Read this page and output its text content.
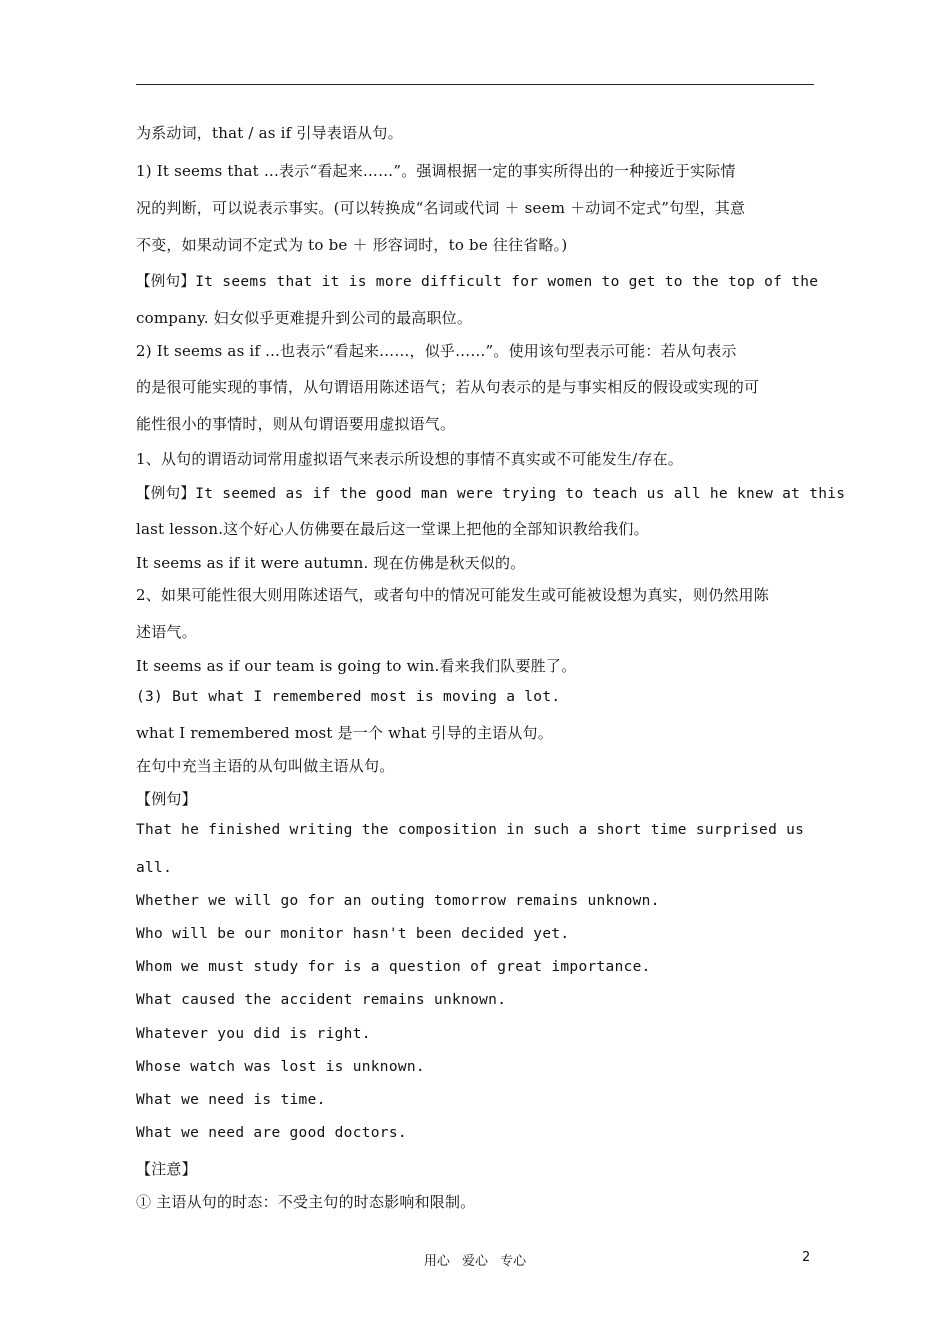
为系动词，that / as if 引导表语从句。
1) It seems that …表示“看起来……”。强调根据一定的事实所得出的一种接近于实际情
况的判断，可以说表示事实。(可以转换成“名词或代词 ＋ seem ＋动词不定式”句型，其意
不变，如果动词不定式为 to be ＋ 形容词时，to be 往往省略。)
【例句】It seems that it is more difficult for women to get to the top of the
company. 妇女似乎更难提升到公司的最高职位。
2) It seems as if ...也表示“看起来……，似乎……”。使用该句型表示可能：若从句表示
的是很可能实现的事情，从句谓语用陈述语气；若从句表示的是与事实相反的假设或实现的可
能性很小的事情时，则从句谓语要用虚拟语气。
1、从句的谓语动词常用虚拟语气来表示所设想的事情不真实或不可能发生/存在。
【例句】It seemed as if the good man were trying to teach us all he knew at this
last lesson.这个好心人仿佛要在最后这一堂课上把他的全部知识教给我们。
It seems as if it were autumn. 现在仿佛是秋天似的。
2、如果可能性很大则用陈述语气，或者句中的情况可能发生或可能被设想为真实，则仍然用陈
述语气。
It seems as if our team is going to win.看来我们队要胜了。
(3) But what I remembered most is moving a lot.
what I remembered most 是一个 what 引导的主语从句。
在句中充当主语的从句叫做主语从句。
【例句】
That he finished writing the composition in such a short time surprised us
all.
Whether we will go for an outing tomorrow remains unknown.
Who will be our monitor hasn't been decided yet.
Whom we must study for is a question of great importance.
What caused the accident remains unknown.
Whatever you did is right.
Whose watch was lost is unknown.
What we need is time.
What we need are good doctors.
【注意】
① 主语从句的时态：不受主句的时态影响和限制。
用心 爱心 专心	2
